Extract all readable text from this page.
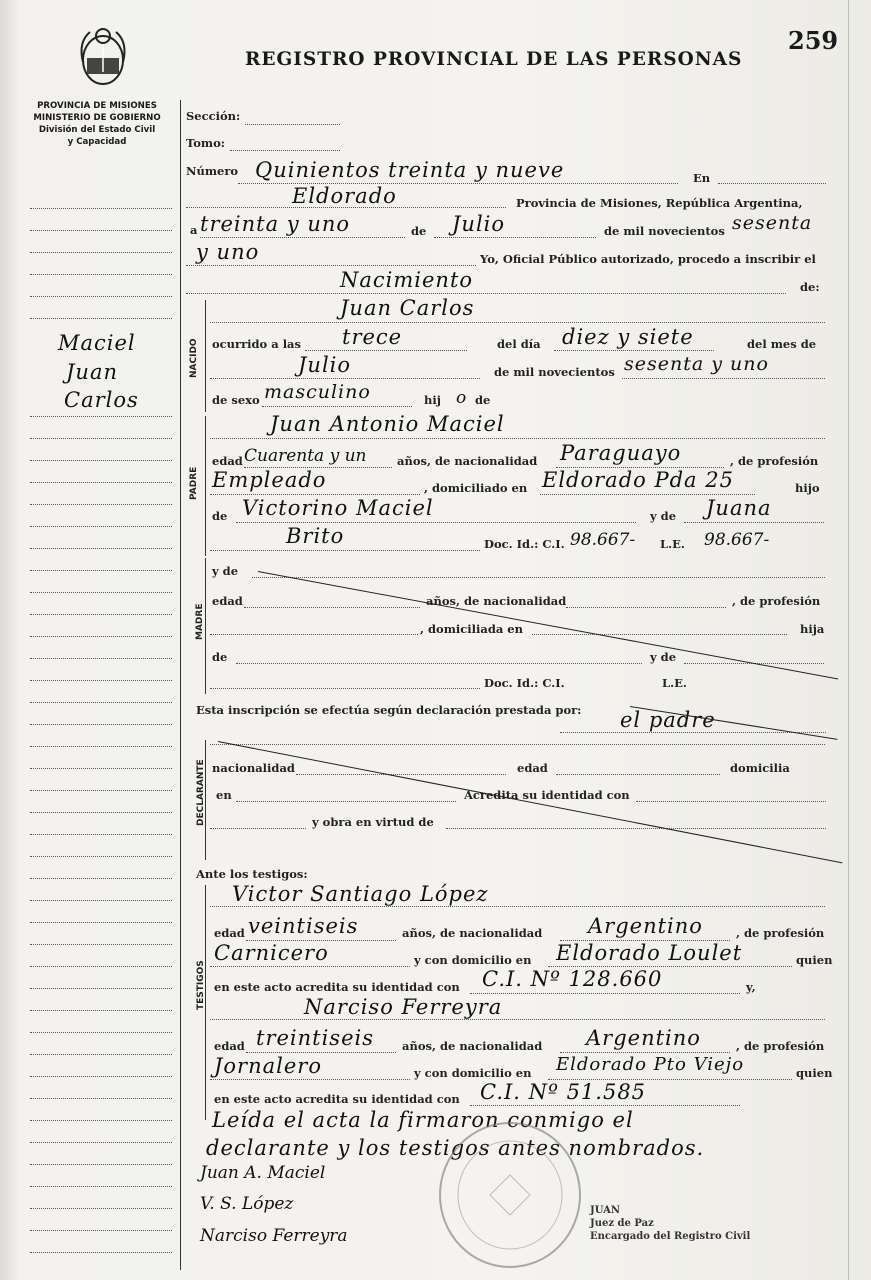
259
REGISTRO PROVINCIAL DE LAS PERSONAS
PROVINCIA DE MISIONES
MINISTERIO DE GOBIERNO
División del Estado Civil
y Capacidad
Maciel
Juan
Carlos
Sección:
Tomo:
Número Quinientos treinta y nueve	En
Eldorado	Provincia de Misiones, República Argentina,
a treinta y uno	de Julio	de mil novecientos sesenta
y uno	Yo, Oficial Público autorizado, procedo a inscribir el
Nacimiento	de:
NACIDO
Juan Carlos
ocurrido a las trece	del día diez y siete	del mes de
Julio	de mil novecientos sesenta y uno
de sexo masculino	hij o de
PADRE
Juan Antonio Maciel
edad Cuarenta y un	años, de nacionalidad Paraguayo	, de profesión
Empleado	, domiciliado en Eldorado Pda 25	hijo
de Victorino Maciel	y de Juana
Brito	Doc. Id.: C.I. 98.667- L.E. 98.667-
MADRE
y de
edad	años, de nacionalidad	, de profesión
, domiciliada en	hija
de	y de
Doc. Id.: C.I.	L.E.
Esta inscripción se efectúa según declaración prestada por: el padre
DECLARANTE nacionalidad	edad	domicilia
en	Acredita su identidad con
y obra en virtud de
Ante los testigos:
TESTIGOS
Victor Santiago López
edad veintiseis	años, de nacionalidad Argentino	, de profesión
Carnicero	y con domicilio en Eldorado Loulet	quien
en este acto acredita su identidad con C.I. Nº 128.660	y,
Narciso Ferreyra
edad treintiseis años, de nacionalidad Argentino	, de profesión
Jornalero	y con domicilio en Eldorado Pto Viejo	quien
en este acto acredita su identidad con C.I. Nº 51.585
Leída el acta la firmaron conmigo el
declarante y los testigos antes nombrados.
Juan A. Maciel
V. S. López
Narciso Ferreyra
JUAN
Juez de Paz
Encargado del Registro Civil
